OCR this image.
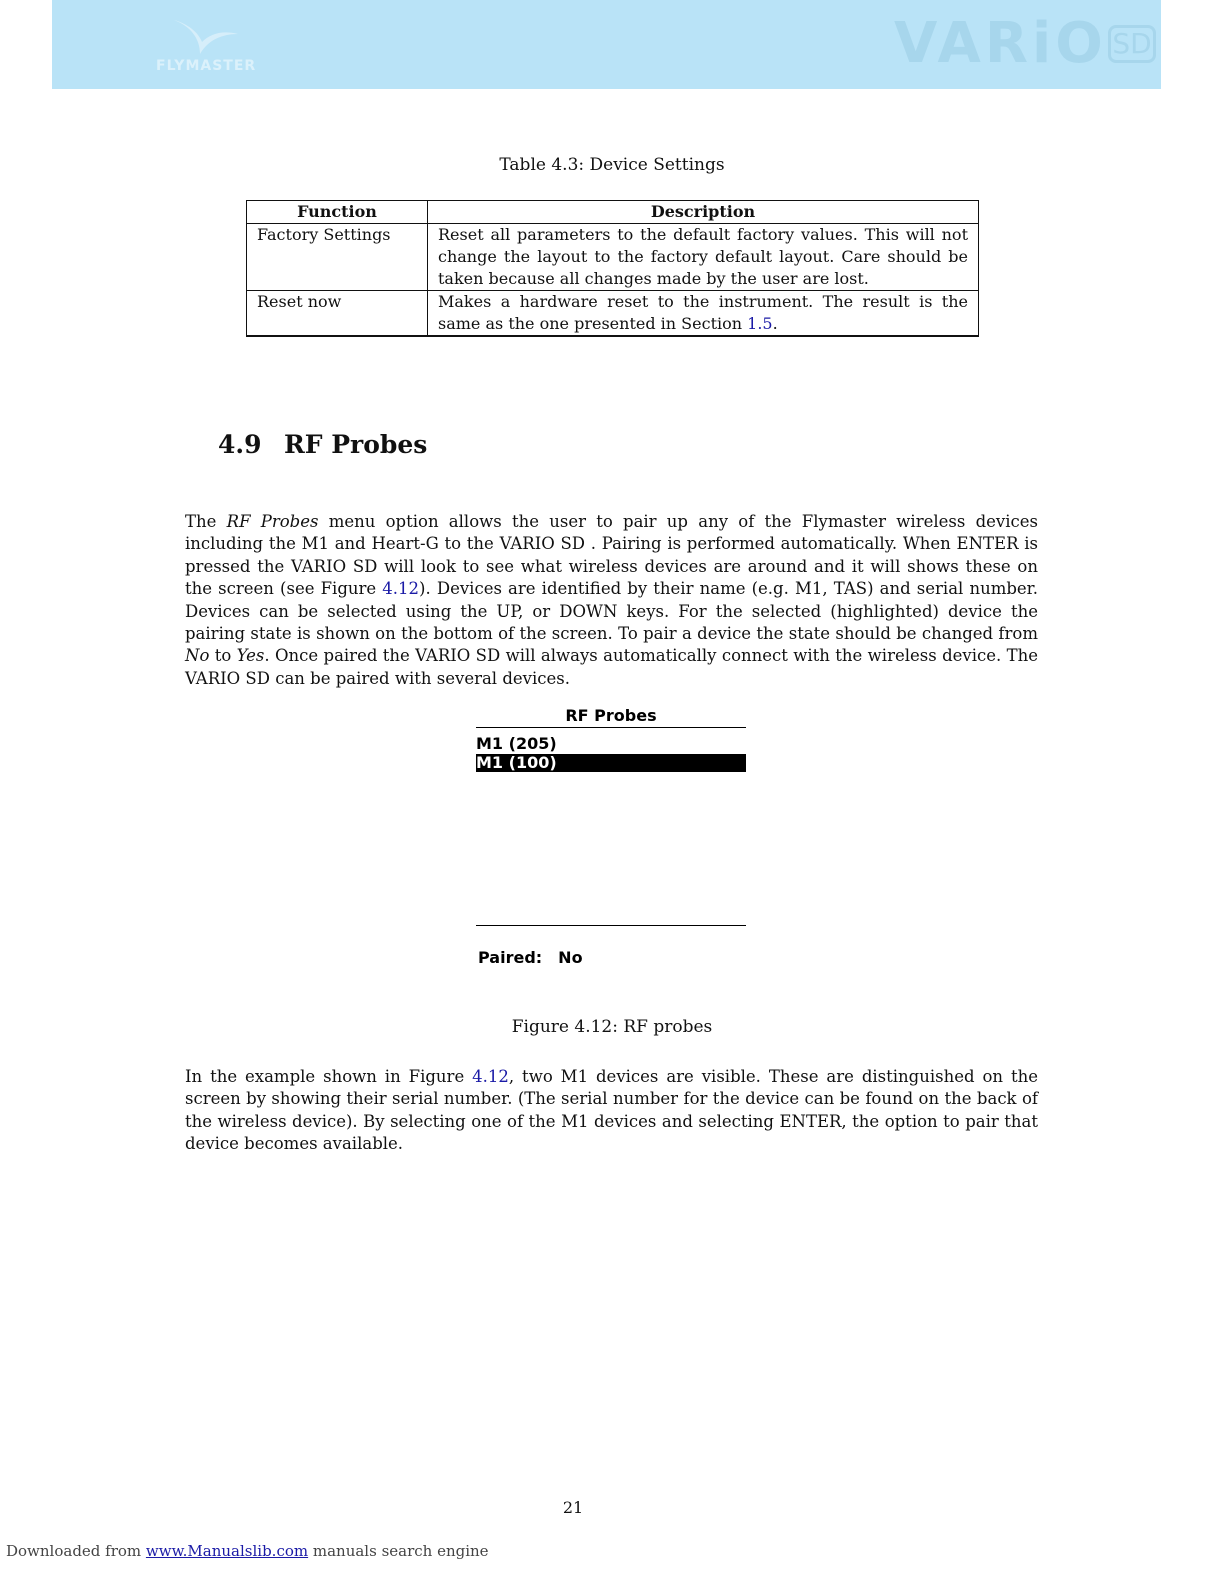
FLYMASTER	VARiO SD
Table 4.3: Device Settings
Function	Description
Factory Settings	Reset all parameters to the default factory values. This will not change the layout to the factory default layout. Care should be taken because all changes made by the user are lost.
Reset now	Makes a hardware reset to the instrument. The result is the same as the one presented in Section 1.5.
4.9 RF Probes

The RF Probes menu option allows the user to pair up any of the Flymaster wireless devices including the M1 and Heart-G to the VARIO SD . Pairing is performed automatically. When ENTER is pressed the VARIO SD will look to see what wireless devices are around and it will shows these on the screen (see Figure 4.12). Devices are identified by their name (e.g. M1, TAS) and serial number. Devices can be selected using the UP, or DOWN keys. For the selected (highlighted) device the pairing state is shown on the bottom of the screen. To pair a device the state should be changed from No to Yes. Once paired the VARIO SD will always automatically connect with the wireless device. The VARIO SD can be paired with several devices.

RF Probes
M1 (205)
M1 (100)
Paired: No
Figure 4.12: RF probes

In the example shown in Figure 4.12, two M1 devices are visible. These are distinguished on the screen by showing their serial number. (The serial number for the device can be found on the back of the wireless device). By selecting one of the M1 devices and selecting ENTER, the option to pair that device becomes available.

21
Downloaded from www.Manualslib.com manuals search engine
